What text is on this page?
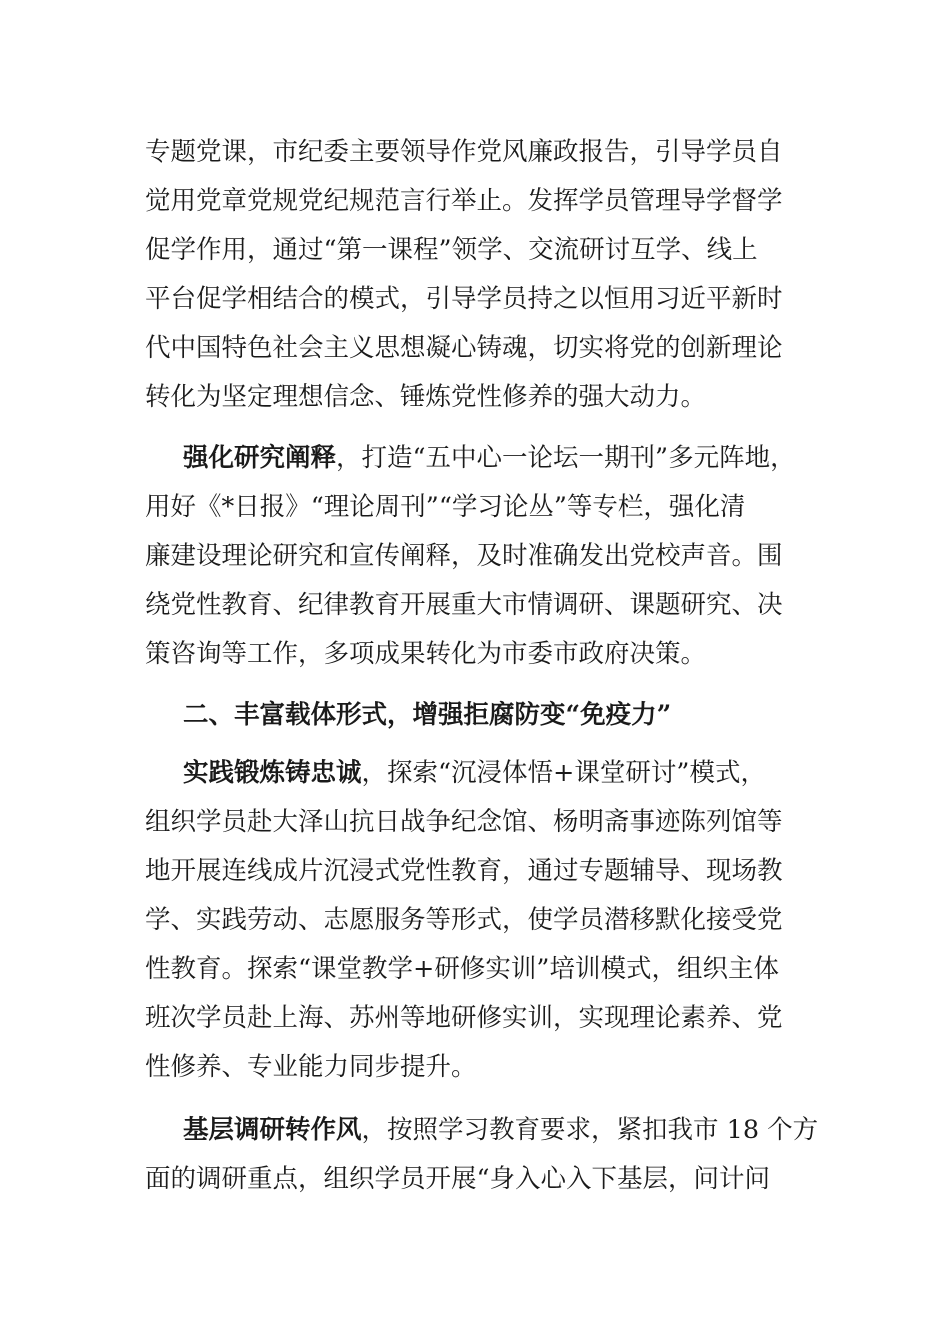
专题党课，市纪委主要领导作党风廉政报告，引导学员自
觉用党章党规党纪规范言行举止。发挥学员管理导学督学
促学作用，通过“第一课程”领学、交流研讨互学、线上
平台促学相结合的模式，引导学员持之以恒用习近平新时
代中国特色社会主义思想凝心铸魂，切实将党的创新理论
转化为坚定理想信念、锤炼党性修养的强大动力。
强化研究阐释，打造“五中心一论坛一期刊”多元阵地，
用好《*日报》“理论周刊”“学习论丛”等专栏，强化清
廉建设理论研究和宣传阐释，及时准确发出党校声音。围
绕党性教育、纪律教育开展重大市情调研、课题研究、决
策咨询等工作，多项成果转化为市委市政府决策。
二、丰富载体形式，增强拒腐防变“免疫力”
实践锻炼铸忠诚，探索“沉浸体悟+课堂研讨”模式，
组织学员赴大泽山抗日战争纪念馆、杨明斋事迹陈列馆等
地开展连线成片沉浸式党性教育，通过专题辅导、现场教
学、实践劳动、志愿服务等形式，使学员潜移默化接受党
性教育。探索“课堂教学+研修实训”培训模式，组织主体
班次学员赴上海、苏州等地研修实训，实现理论素养、党
性修养、专业能力同步提升。
基层调研转作风，按照学习教育要求，紧扣我市 18 个方
面的调研重点，组织学员开展“身入心入下基层，问计问
